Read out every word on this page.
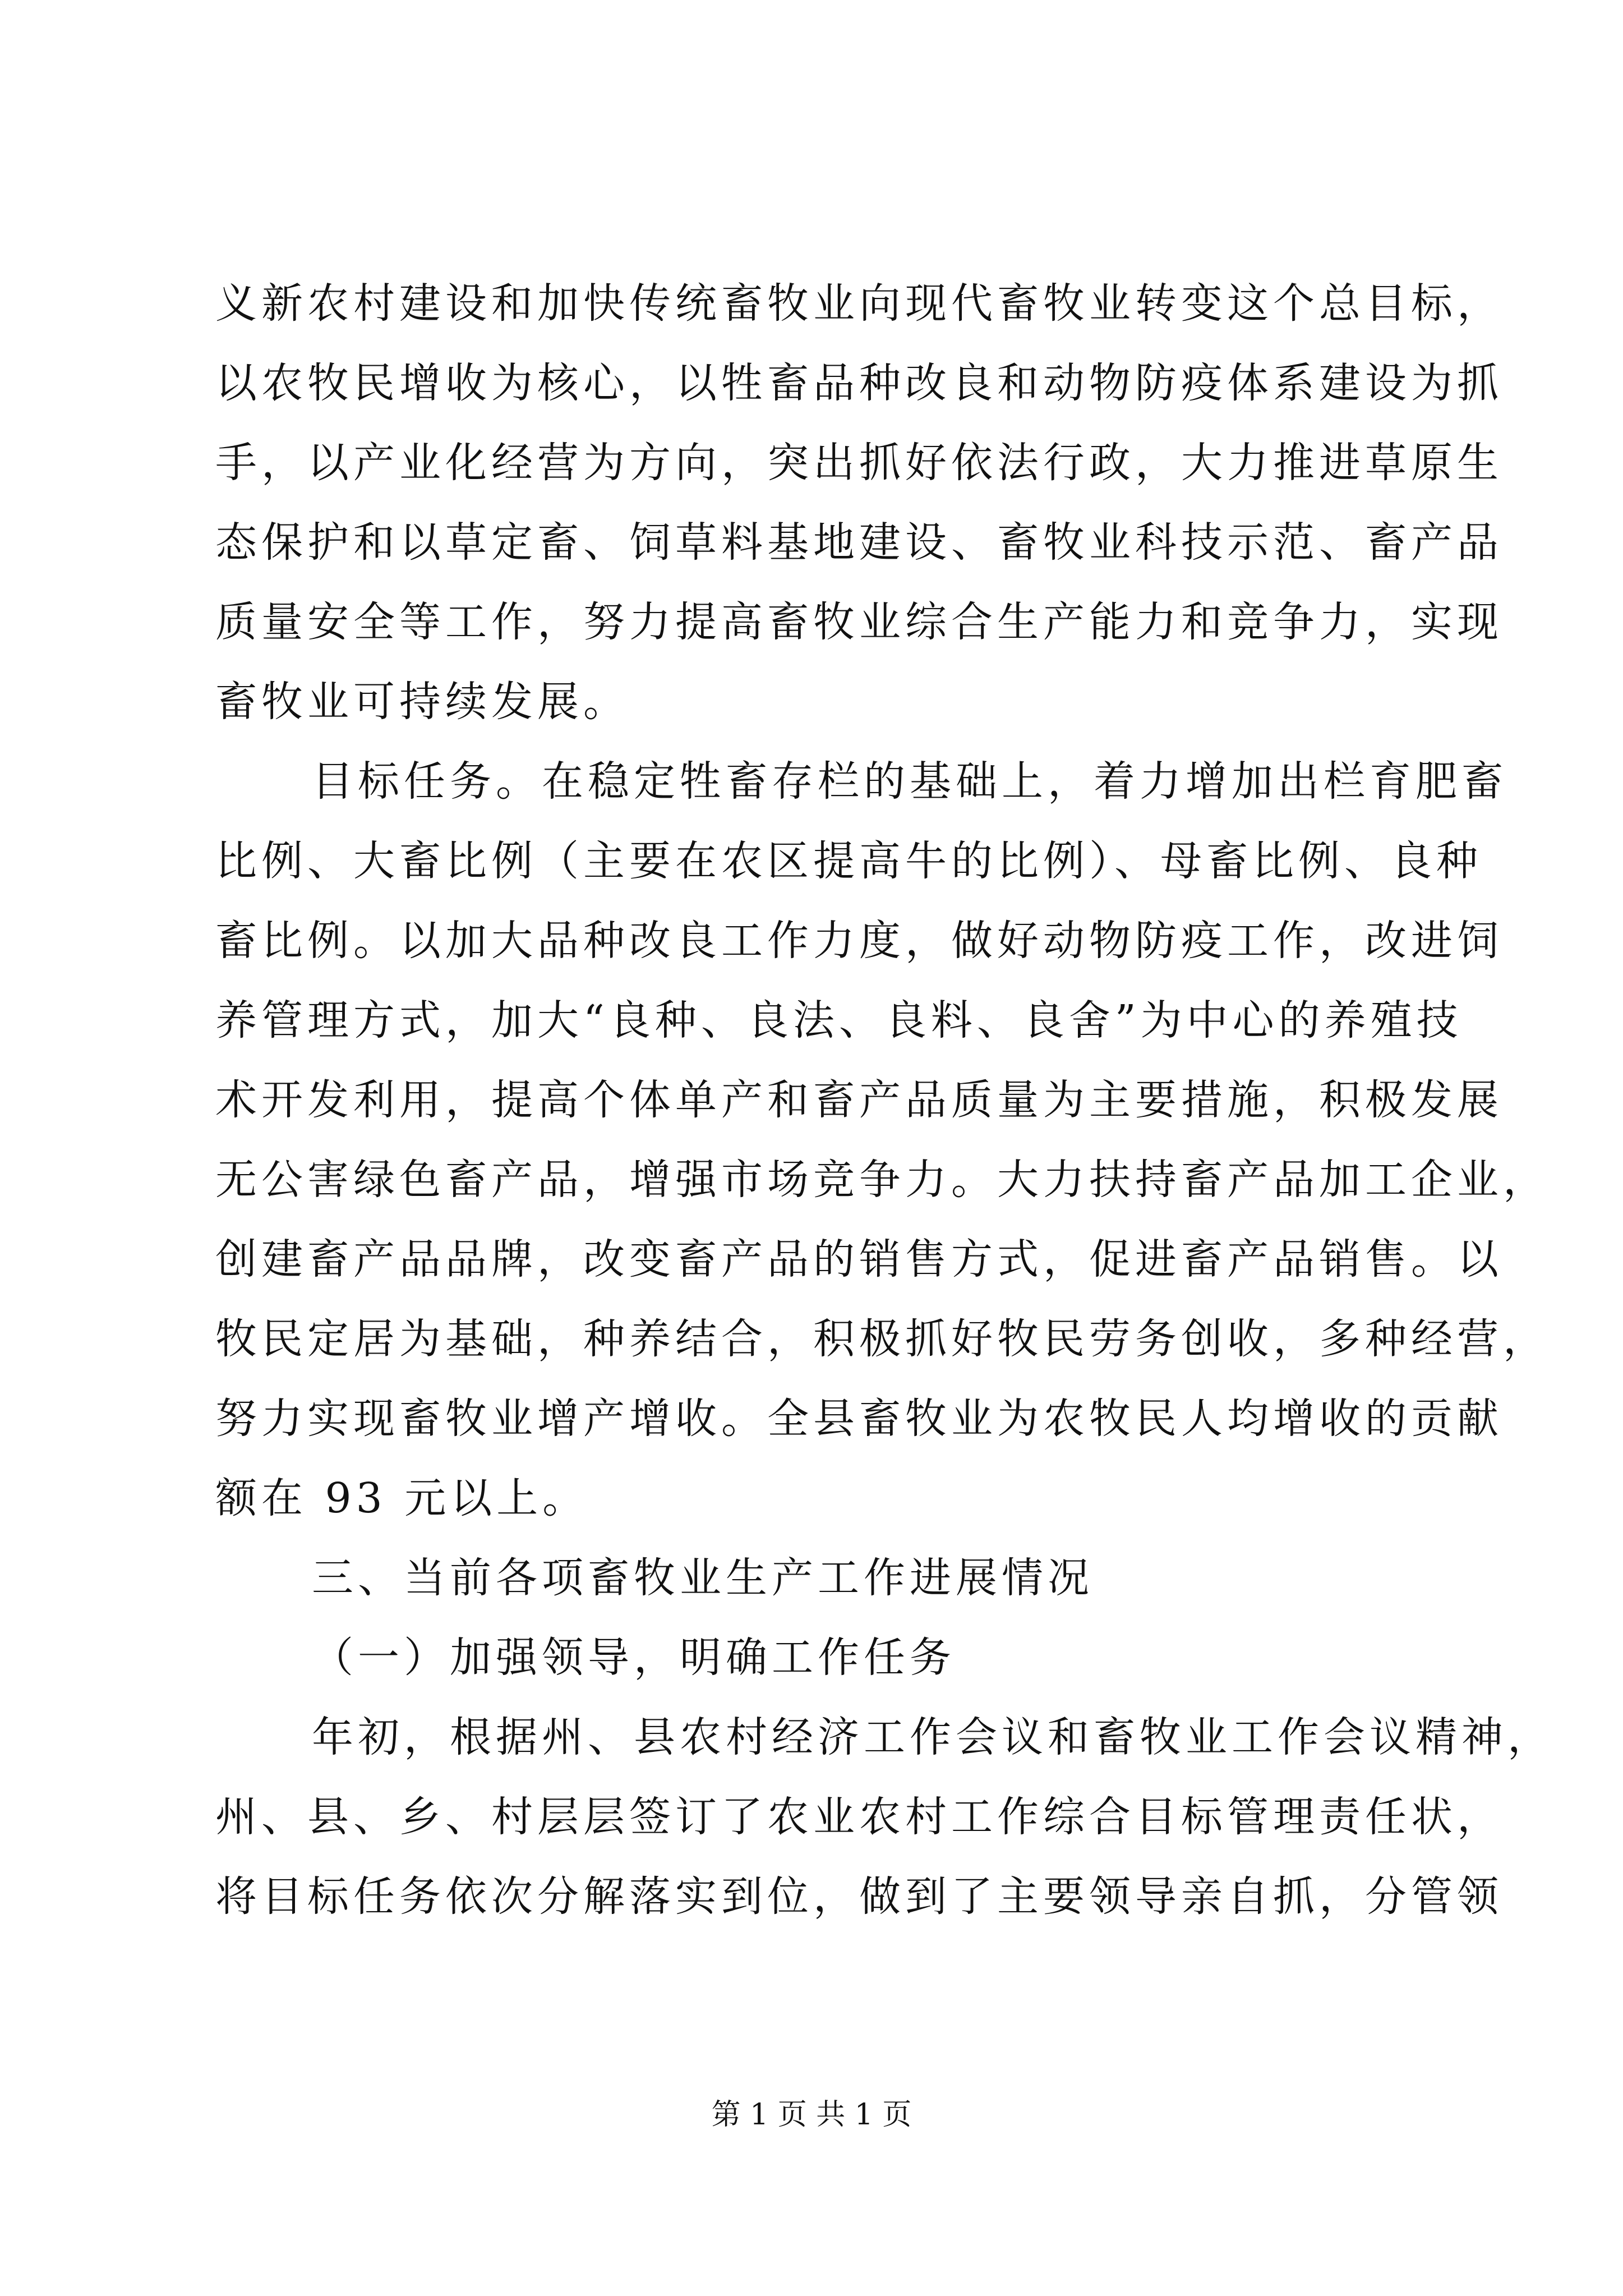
义新农村建设和加快传统畜牧业向现代畜牧业转变这个总目标，
以农牧民增收为核心，以牲畜品种改良和动物防疫体系建设为抓
手，以产业化经营为方向，突出抓好依法行政，大力推进草原生
态保护和以草定畜、饲草料基地建设、畜牧业科技示范、畜产品
质量安全等工作，努力提高畜牧业综合生产能力和竞争力，实现
畜牧业可持续发展。
目标任务。在稳定牲畜存栏的基础上，着力增加出栏育肥畜
比例、大畜比例（主要在农区提高牛的比例）、母畜比例、良种
畜比例。以加大品种改良工作力度，做好动物防疫工作，改进饲
养管理方式，加大“良种、良法、良料、良舍”为中心的养殖技
术开发利用，提高个体单产和畜产品质量为主要措施，积极发展
无公害绿色畜产品，增强市场竞争力。大力扶持畜产品加工企业，
创建畜产品品牌，改变畜产品的销售方式，促进畜产品销售。以
牧民定居为基础，种养结合，积极抓好牧民劳务创收，多种经营，
努力实现畜牧业增产增收。全县畜牧业为农牧民人均增收的贡献
额在 93 元以上。
三、当前各项畜牧业生产工作进展情况
（一）加强领导，明确工作任务
年初，根据州、县农村经济工作会议和畜牧业工作会议精神，
州、县、乡、村层层签订了农业农村工作综合目标管理责任状，
将目标任务依次分解落实到位，做到了主要领导亲自抓，分管领
第 1 页 共 1 页
